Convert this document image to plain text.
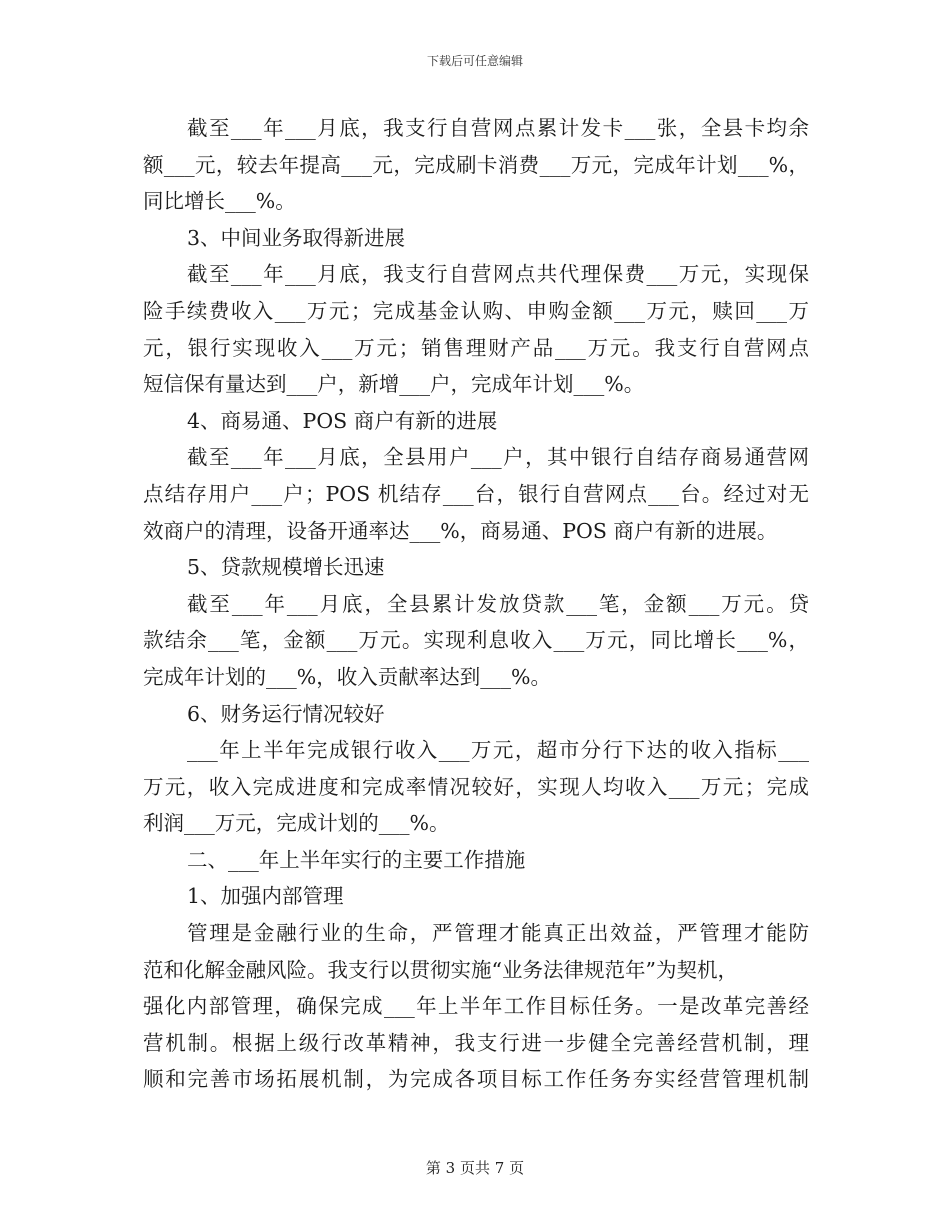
下载后可任意编辑
截至___年___月底，我支行自营网点累计发卡___张，全县卡均余
额___元，较去年提高___元，完成刷卡消费___万元，完成年计划___%，
同比增长___%。
3、中间业务取得新进展
截至___年___月底，我支行自营网点共代理保费___万元，实现保
险手续费收入___万元；完成基金认购、申购金额___万元，赎回___万
元，银行实现收入___万元；销售理财产品___万元。我支行自营网点
短信保有量达到___户，新增___户，完成年计划___%。
4、商易通、POS 商户有新的进展
截至___年___月底，全县用户___户，其中银行自结存商易通营网
点结存用户___户；POS 机结存___台，银行自营网点___台。经过对无
效商户的清理，设备开通率达___%，商易通、POS 商户有新的进展。
5、贷款规模增长迅速
截至___年___月底，全县累计发放贷款___笔，金额___万元。贷
款结余___笔，金额___万元。实现利息收入___万元，同比增长___%，
完成年计划的___%，收入贡献率达到___%。
6、财务运行情况较好
___年上半年完成银行收入___万元，超市分行下达的收入指标___
万元，收入完成进度和完成率情况较好，实现人均收入___万元；完成
利润___万元，完成计划的___%。
二、___年上半年实行的主要工作措施
1、加强内部管理
管理是金融行业的生命，严管理才能真正出效益，严管理才能防
范和化解金融风险。我支行以贯彻实施“业务法律规范年”为契机，
强化内部管理，确保完成___年上半年工作目标任务。一是改革完善经
营机制。根据上级行改革精神，我支行进一步健全完善经营机制，理
顺和完善市场拓展机制，为完成各项目标工作任务夯实经营管理机制
第 3 页共 7 页
